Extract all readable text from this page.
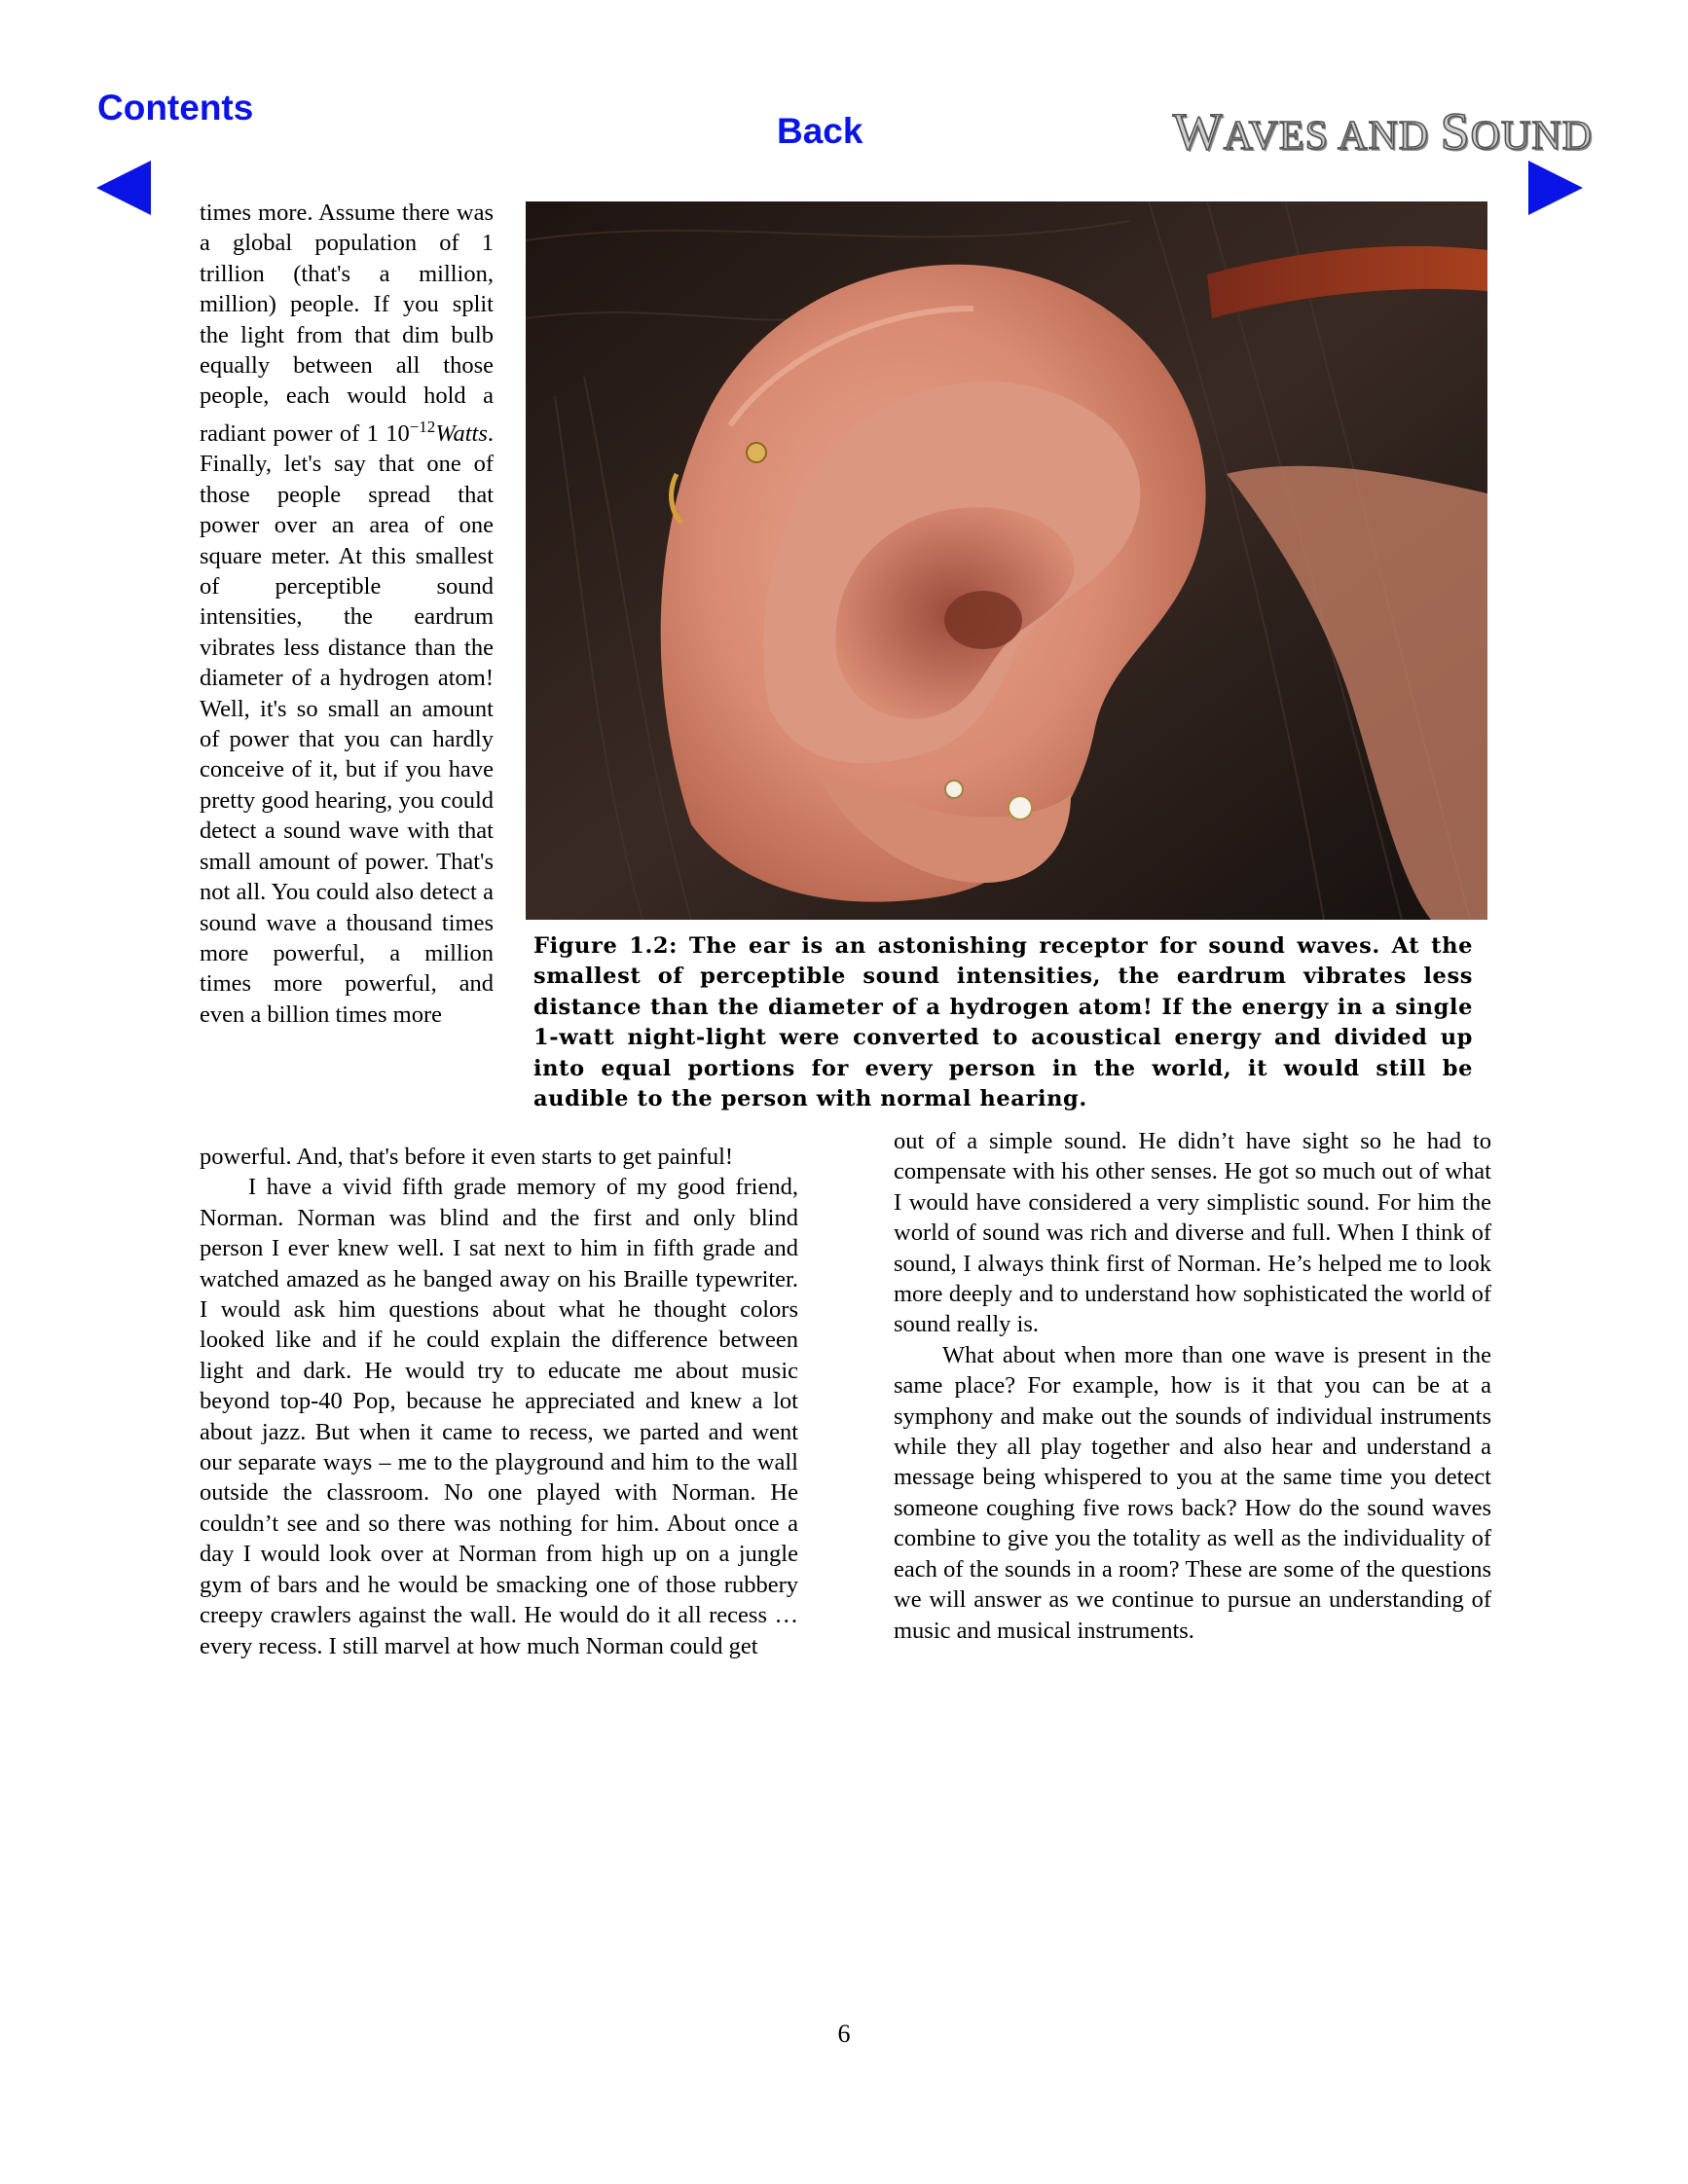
Contents
Back	WAVES AND SOUND

times more. Assume there was a global population of 1 trillion (that's a million, million) people. If you split the light from that dim bulb equally between all those people, each would hold a radiant power of 1 $10^{-12}Watts$. Finally, let's say that one of those people spread that power over an area of one square meter. At this smallest of perceptible sound intensities, the eardrum vibrates less distance than the diameter of a hydrogen atom! Well, it's so small an amount of power that you can hardly conceive of it, but if you have pretty good hearing, you could detect a sound wave with that small amount of power. That's not all. You could also detect a sound wave a thousand times more powerful, a million times more powerful, and even a billion times more

Figure 1.2: The ear is an astonishing receptor for sound waves. At the smallest of perceptible sound intensities, the eardrum vibrates less distance than the diameter of a hydrogen atom! If the energy in a single 1-watt night-light were converted to acoustical energy and divided up into equal portions for every person in the world, it would still be audible to the person with normal hearing.

powerful. And, that's before it even starts to get painful!

I have a vivid fifth grade memory of my good friend, Norman. Norman was blind and the first and only blind person I ever knew well. I sat next to him in fifth grade and watched amazed as he banged away on his Braille typewriter. I would ask him questions about what he thought colors looked like and if he could explain the difference between light and dark. He would try to educate me about music beyond top-40 Pop, because he appreciated and knew a lot about jazz. But when it came to recess, we parted and went our separate ways – me to the playground and him to the wall outside the classroom. No one played with Norman. He couldn’t see and so there was nothing for him. About once a day I would look over at Norman from high up on a jungle gym of bars and he would be smacking one of those rubbery creepy crawlers against the wall. He would do it all recess … every recess. I still marvel at how much Norman could get

out of a simple sound. He didn’t have sight so he had to compensate with his other senses. He got so much out of what I would have considered a very simplistic sound. For him the world of sound was rich and diverse and full. When I think of sound, I always think first of Norman. He’s helped me to look more deeply and to understand how sophisticated the world of sound really is.

What about when more than one wave is present in the same place? For example, how is it that you can be at a symphony and make out the sounds of individual instruments while they all play together and also hear and understand a message being whispered to you at the same time you detect someone coughing five rows back? How do the sound waves combine to give you the totality as well as the individuality of each of the sounds in a room? These are some of the questions we will answer as we continue to pursue an understanding of music and musical instruments.

6
